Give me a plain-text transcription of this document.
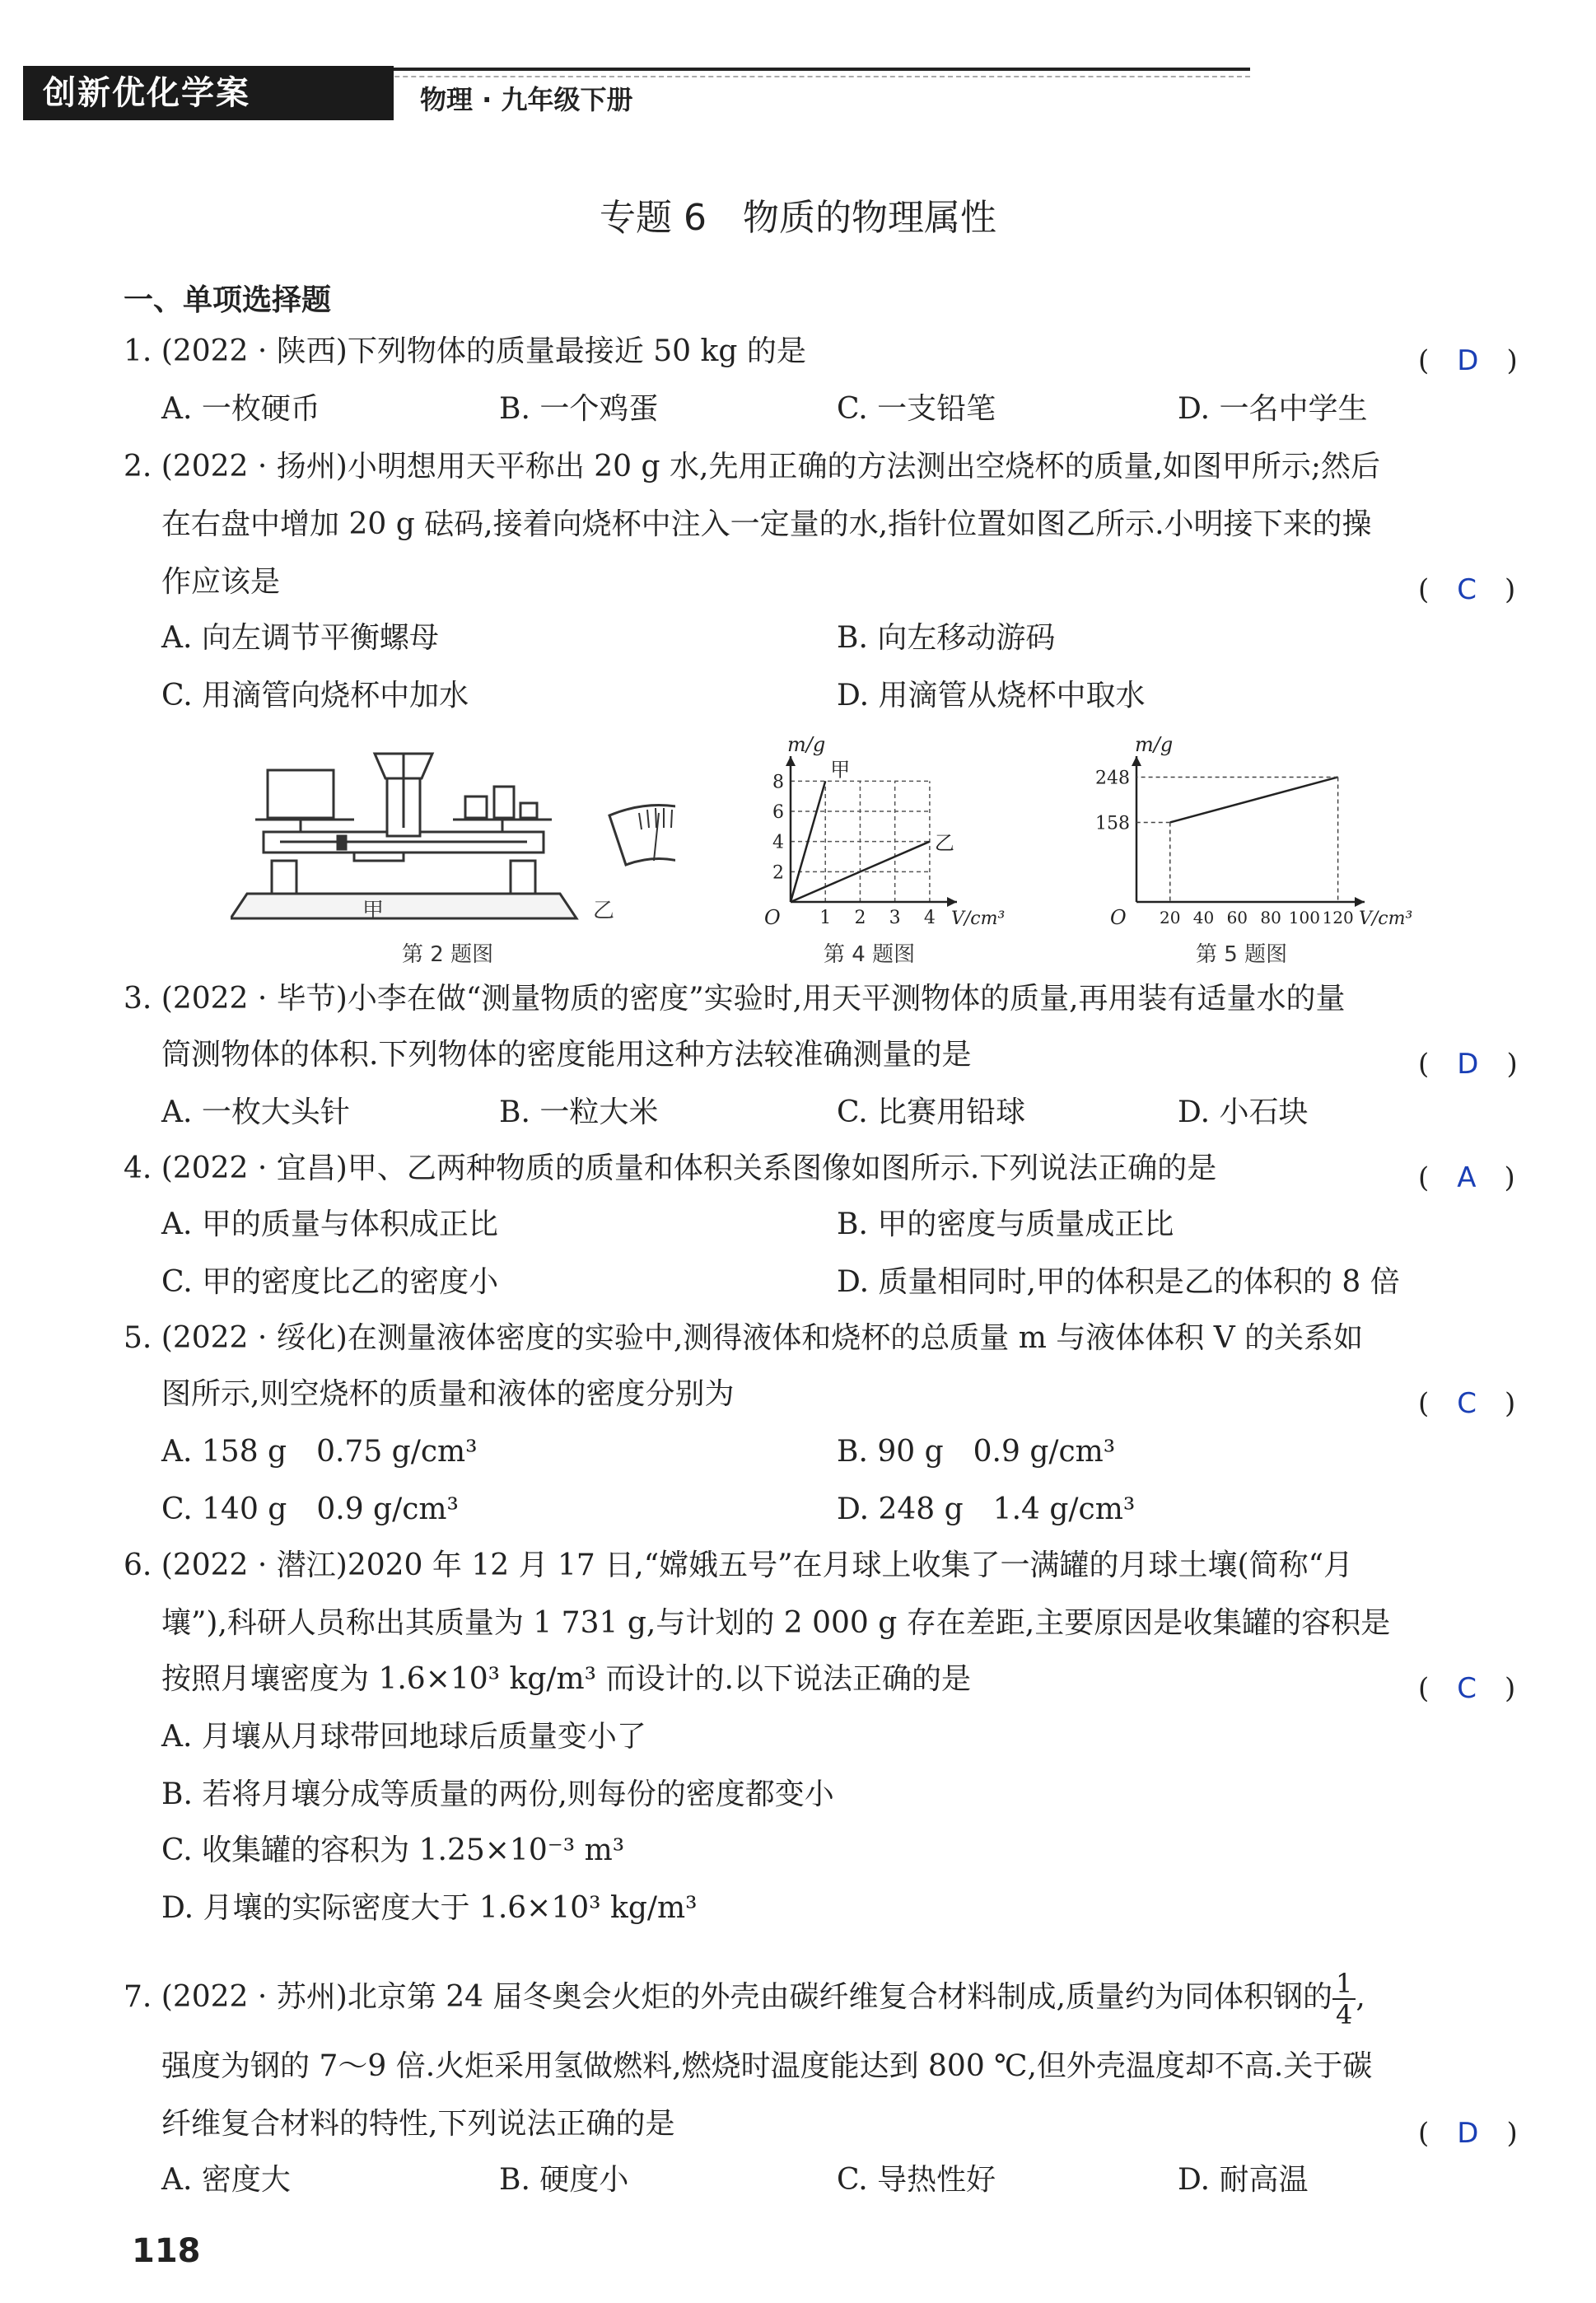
创新优化学案	物理 · 九年级下册
专题 6　物质的物理属性
一、单项选择题
1. (2022 · 陕西)下列物体的质量最接近 50 kg 的是	(　D　)
A. 一枚硬币	B. 一个鸡蛋	C. 一支铅笔	D. 一名中学生
2. (2022 · 扬州)小明想用天平称出 20 g 水,先用正确的方法测出空烧杯的质量,如图甲所示;然后
在右盘中增加 20 g 砝码,接着向烧杯中注入一定量的水,指针位置如图乙所示.小明接下来的操
作应该是	(　C　)
A. 向左调节平衡螺母	B. 向左移动游码
C. 用滴管向烧杯中加水	D. 用滴管从烧杯中取水
甲	乙
第 2 题图
m/g
V/cm³
O 1 2 3 4
2
4
6
8
甲
乙
第 4 题图
m/g
V/cm³
O 20 40 60 80 100 120
158
248
第 5 题图
3. (2022 · 毕节)小李在做“测量物质的密度”实验时,用天平测物体的质量,再用装有适量水的量
筒测物体的体积.下列物体的密度能用这种方法较准确测量的是	(　D　)
A. 一枚大头针	B. 一粒大米	C. 比赛用铅球	D. 小石块
4. (2022 · 宜昌)甲、乙两种物质的质量和体积关系图像如图所示.下列说法正确的是	(　A　)
A. 甲的质量与体积成正比	B. 甲的密度与质量成正比
C. 甲的密度比乙的密度小	D. 质量相同时,甲的体积是乙的体积的 8 倍
5. (2022 · 绥化)在测量液体密度的实验中,测得液体和烧杯的总质量 m 与液体体积 V 的关系如
图所示,则空烧杯的质量和液体的密度分别为	(　C　)
A. 158 g　0.75 g/cm³	B. 90 g　0.9 g/cm³
C. 140 g　0.9 g/cm³	D. 248 g　1.4 g/cm³
6. (2022 · 潜江)2020 年 12 月 17 日,“嫦娥五号”在月球上收集了一满罐的月球土壤(简称“月
壤”),科研人员称出其质量为 1 731 g,与计划的 2 000 g 存在差距,主要原因是收集罐的容积是
按照月壤密度为 1.6×10³ kg/m³ 而设计的.以下说法正确的是	(　C　)
A. 月壤从月球带回地球后质量变小了
B. 若将月壤分成等质量的两份,则每份的密度都变小
C. 收集罐的容积为 1.25×10⁻³ m³
D. 月壤的实际密度大于 1.6×10³ kg/m³
7. (2022 · 苏州)北京第 24 届冬奥会火炬的外壳由碳纤维复合材料制成,质量约为同体积钢的 $\frac{1}{4}$ ,
强度为钢的 7～9 倍.火炬采用氢做燃料,燃烧时温度能达到 800 ℃,但外壳温度却不高.关于碳
纤维复合材料的特性,下列说法正确的是	(　D　)
A. 密度大	B. 硬度小	C. 导热性好	D. 耐高温
118
